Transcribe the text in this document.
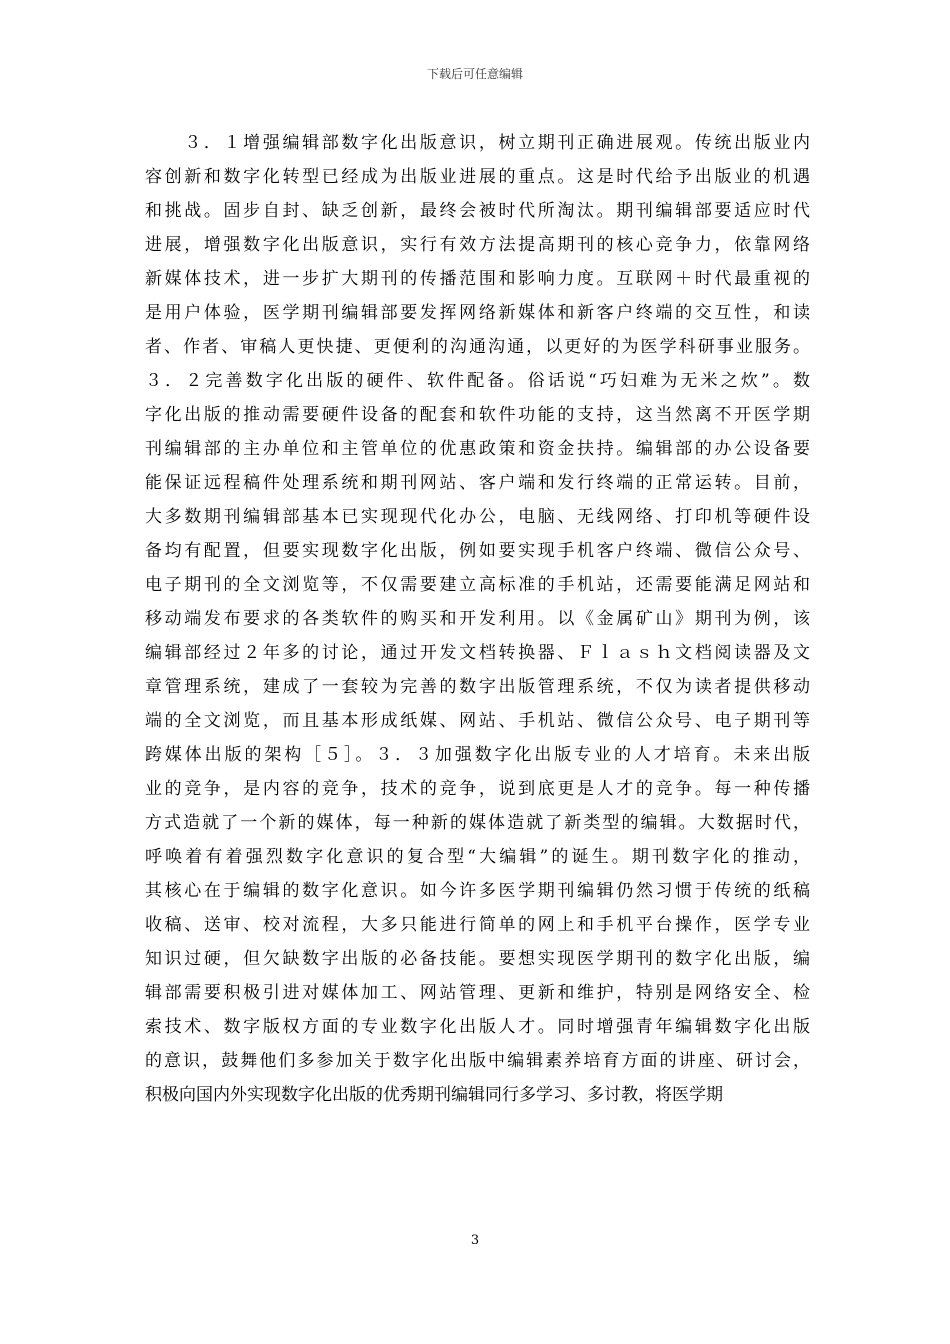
下载后可任意编辑
　　３．１增强编辑部数字化出版意识，树立期刊正确进展观。传统出版业内
容创新和数字化转型已经成为出版业进展的重点。这是时代给予出版业的机遇
和挑战。固步自封、缺乏创新，最终会被时代所淘汰。期刊编辑部要适应时代
进展，增强数字化出版意识，实行有效方法提高期刊的核心竞争力，依靠网络
新媒体技术，进一步扩大期刊的传播范围和影响力度。互联网＋时代最重视的
是用户体验，医学期刊编辑部要发挥网络新媒体和新客户终端的交互性，和读
者、作者、审稿人更快捷、更便利的沟通沟通，以更好的为医学科研事业服务。
３．２完善数字化出版的硬件、软件配备。俗话说“巧妇难为无米之炊”。数
字化出版的推动需要硬件设备的配套和软件功能的支持，这当然离不开医学期
刊编辑部的主办单位和主管单位的优惠政策和资金扶持。编辑部的办公设备要
能保证远程稿件处理系统和期刊网站、客户端和发行终端的正常运转。目前，
大多数期刊编辑部基本已实现现代化办公，电脑、无线网络、打印机等硬件设
备均有配置，但要实现数字化出版，例如要实现手机客户终端、微信公众号、
电子期刊的全文浏览等，不仅需要建立高标准的手机站，还需要能满足网站和
移动端发布要求的各类软件的购买和开发利用。以《金属矿山》期刊为例，该
编辑部经过２年多的讨论，通过开发文档转换器、Ｆｌａｓｈ文档阅读器及文
章管理系统，建成了一套较为完善的数字出版管理系统，不仅为读者提供移动
端的全文浏览，而且基本形成纸媒、网站、手机站、微信公众号、电子期刊等
跨媒体出版的架构［５］。３．３加强数字化出版专业的人才培育。未来出版
业的竞争，是内容的竞争，技术的竞争，说到底更是人才的竞争。每一种传播
方式造就了一个新的媒体，每一种新的媒体造就了新类型的编辑。大数据时代，
呼唤着有着强烈数字化意识的复合型“大编辑”的诞生。期刊数字化的推动，
其核心在于编辑的数字化意识。如今许多医学期刊编辑仍然习惯于传统的纸稿
收稿、送审、校对流程，大多只能进行简单的网上和手机平台操作，医学专业
知识过硬，但欠缺数字出版的必备技能。要想实现医学期刊的数字化出版，编
辑部需要积极引进对媒体加工、网站管理、更新和维护，特别是网络安全、检
索技术、数字版权方面的专业数字化出版人才。同时增强青年编辑数字化出版
的意识，鼓舞他们多参加关于数字化出版中编辑素养培育方面的讲座、研讨会，
积极向国内外实现数字化出版的优秀期刊编辑同行多学习、多讨教，将医学期
3
